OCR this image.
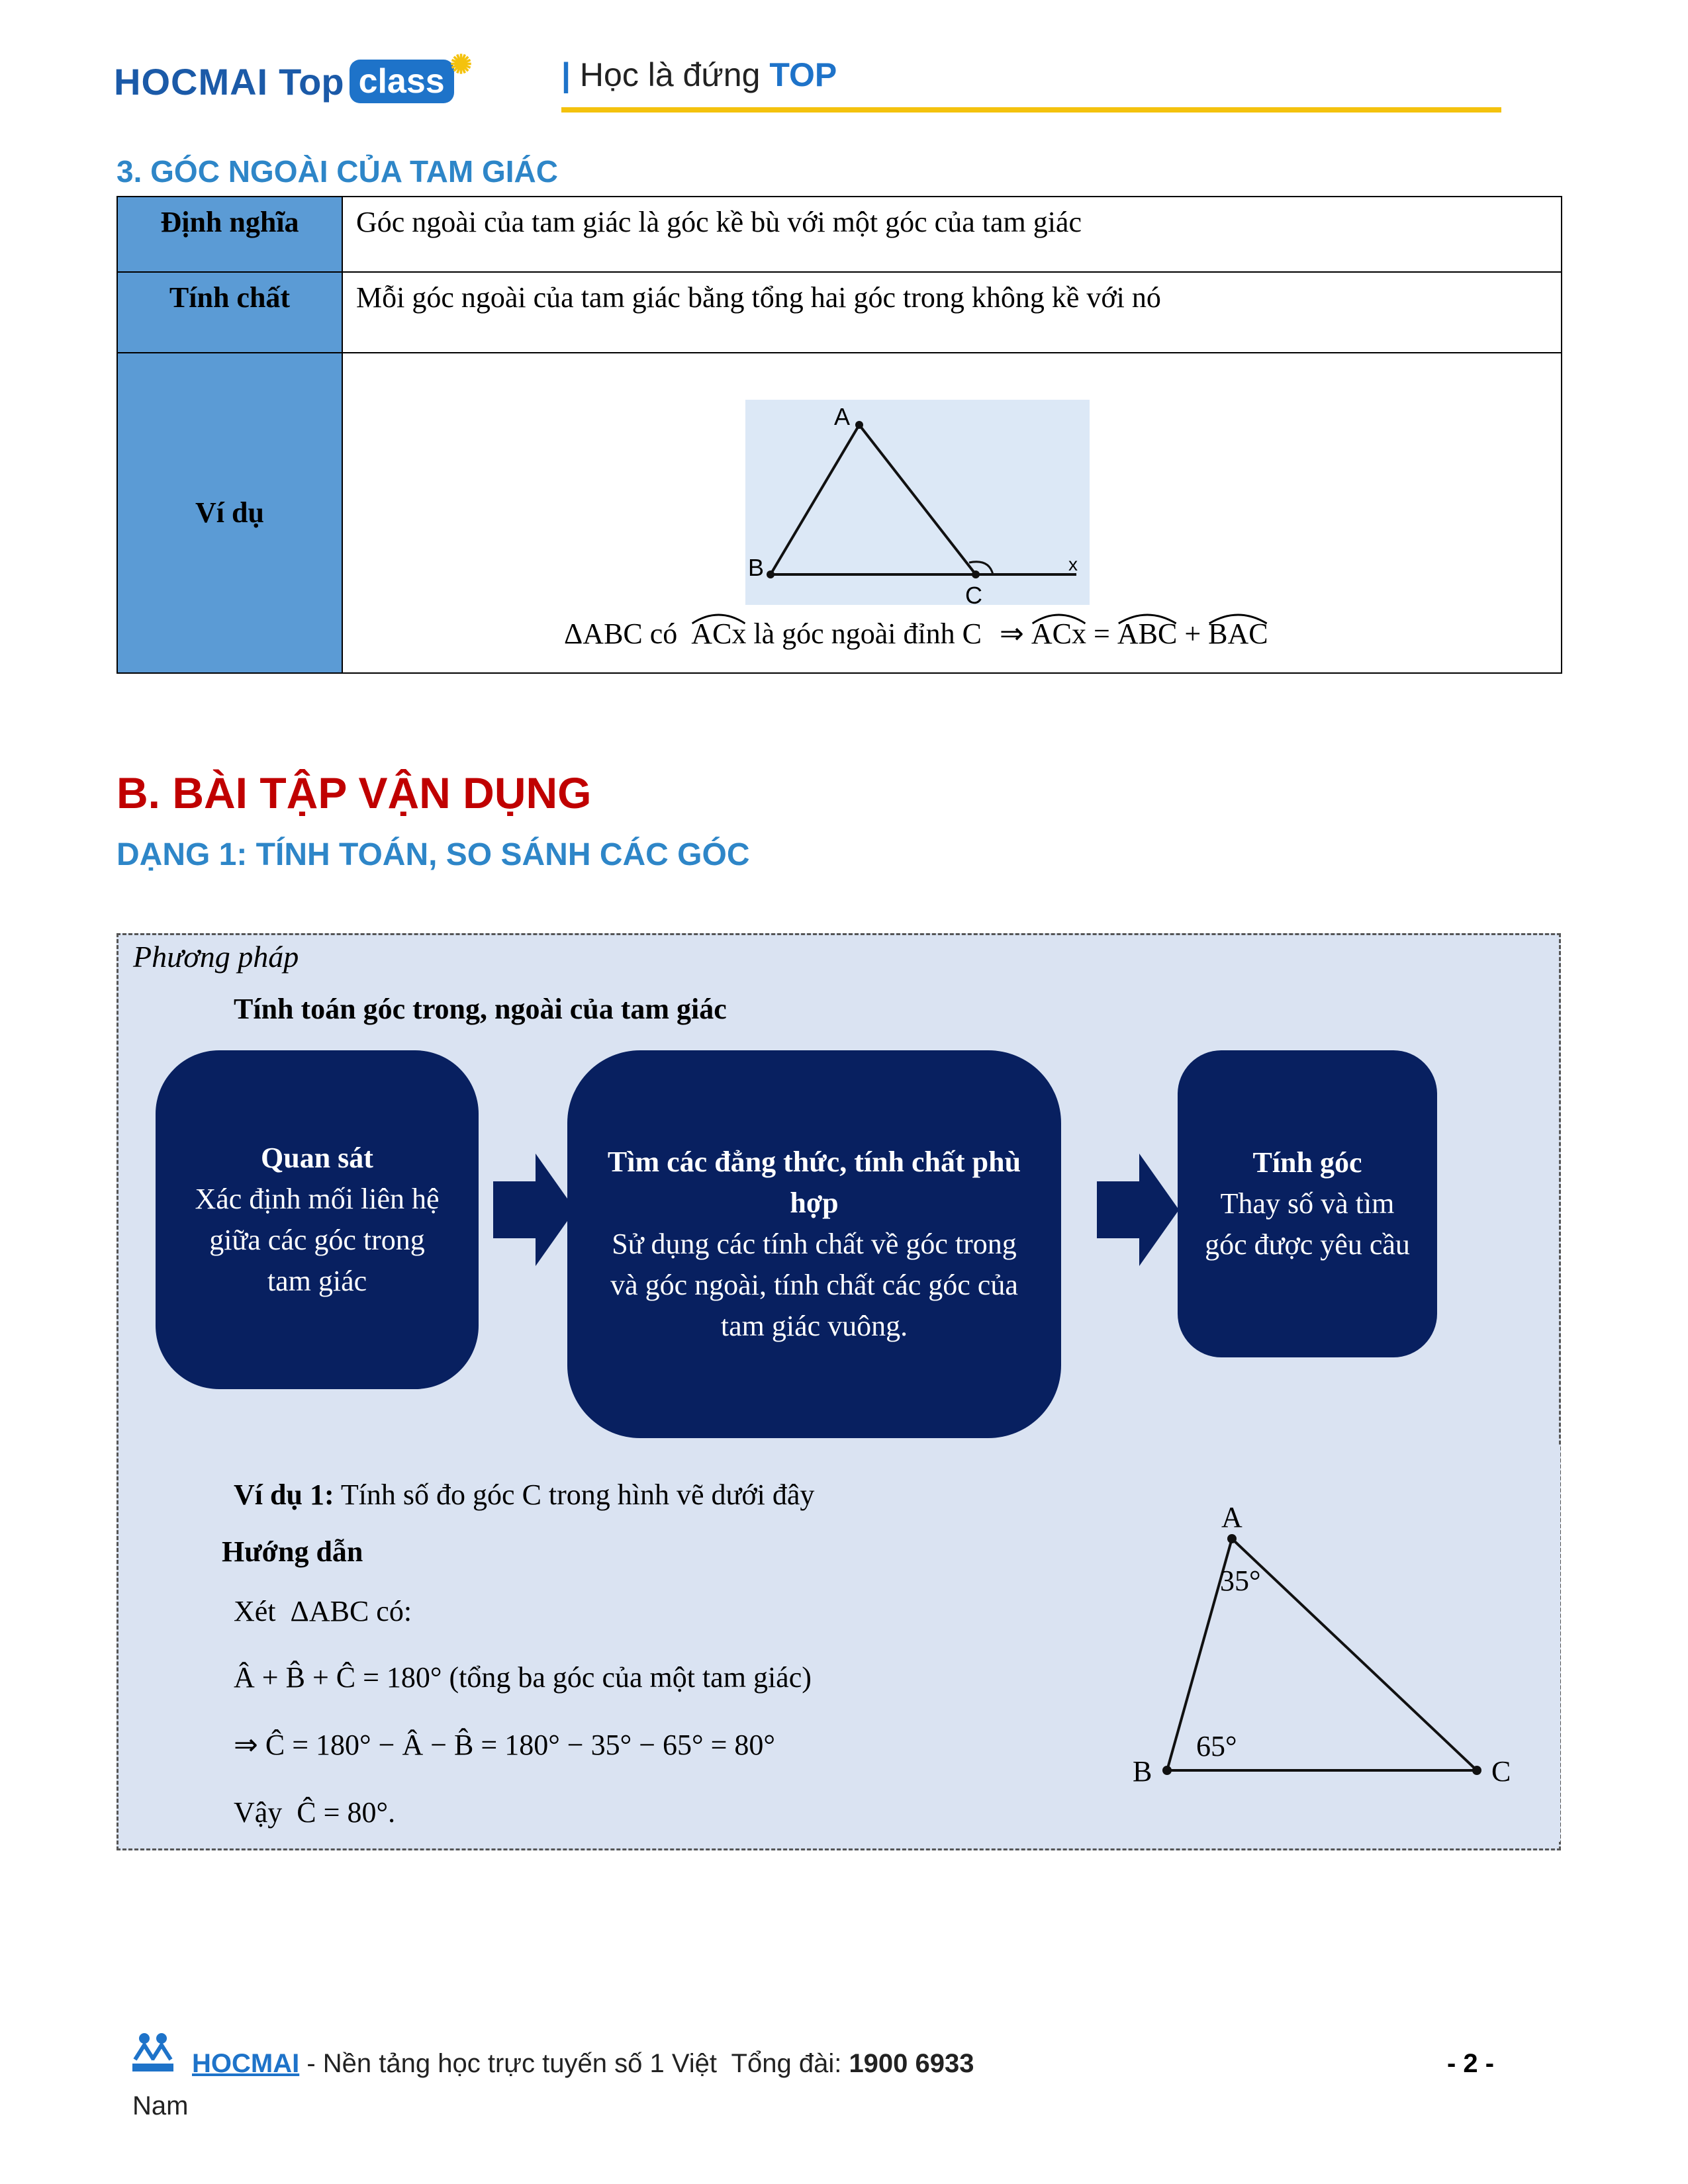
HOCMAI Top class ✺	| Học là đứng TOP
3. GÓC NGOÀI CỦA TAM GIÁC
Định nghĩa	Góc ngoài của tam giác là góc kề bù với một góc của tam giác
Tính chất	Mỗi góc ngoài của tam giác bằng tổng hai góc trong không kề với nó
Ví dụ	
A
B
C
x
ΔABC có ACx là góc ngoài đỉnh C ⇒ ACx = ABC + BAC
B. BÀI TẬP VẬN DỤNG
DẠNG 1: TÍNH TOÁN, SO SÁNH CÁC GÓC
Phương pháp
Tính toán góc trong, ngoài của tam giác
Quan sát
Xác định mối liên hệ giữa các góc trong tam giác
Tìm các đẳng thức, tính chất phù hợp
Sử dụng các tính chất về góc trong và góc ngoài, tính chất các góc của tam giác vuông.
Tính góc
Thay số và tìm góc được yêu cầu
Ví dụ 1: Tính số đo góc C trong hình vẽ dưới đây
Hướng dẫn
Xét  ΔABC có:
Â + B̂ + Ĉ = 180° (tổng ba góc của một tam giác)
⇒ Ĉ = 180° − Â − B̂ = 180° − 35° − 65° = 80°
Vậy  Ĉ = 80°.
A
B	C
35°
65°
HOCMAI - Nền tảng học trực tuyến số 1 Việt  Tổng đài: 1900 6933	- 2 -
Nam
